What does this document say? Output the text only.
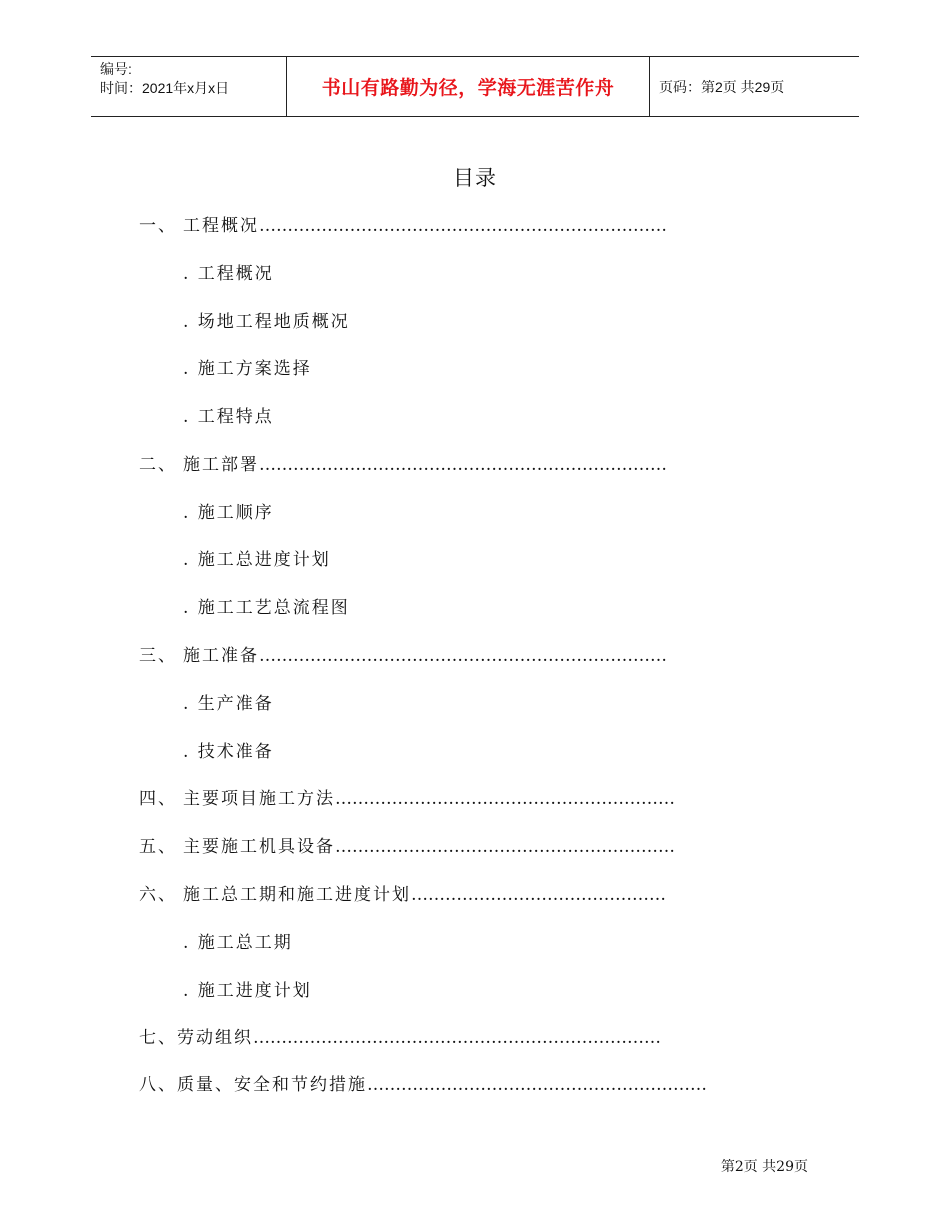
编号:
时间：2021年x月x日	书山有路勤为径，学海无涯苦作舟	页码：第2页 共29页
目录
一、 工程概况………………………………………………………………
. 工程概况
. 场地工程地质概况
. 施工方案选择
. 工程特点
二、 施工部署………………………………………………………………
. 施工顺序
. 施工总进度计划
. 施工工艺总流程图
三、 施工准备………………………………………………………………
. 生产准备
. 技术准备
四、 主要项目施工方法……………………………………………………
五、 主要施工机具设备……………………………………………………
六、 施工总工期和施工进度计划………………………………………
. 施工总工期
. 施工进度计划
七、劳动组织………………………………………………………………
八、质量、安全和节约措施……………………………………………………
第2页 共29页
